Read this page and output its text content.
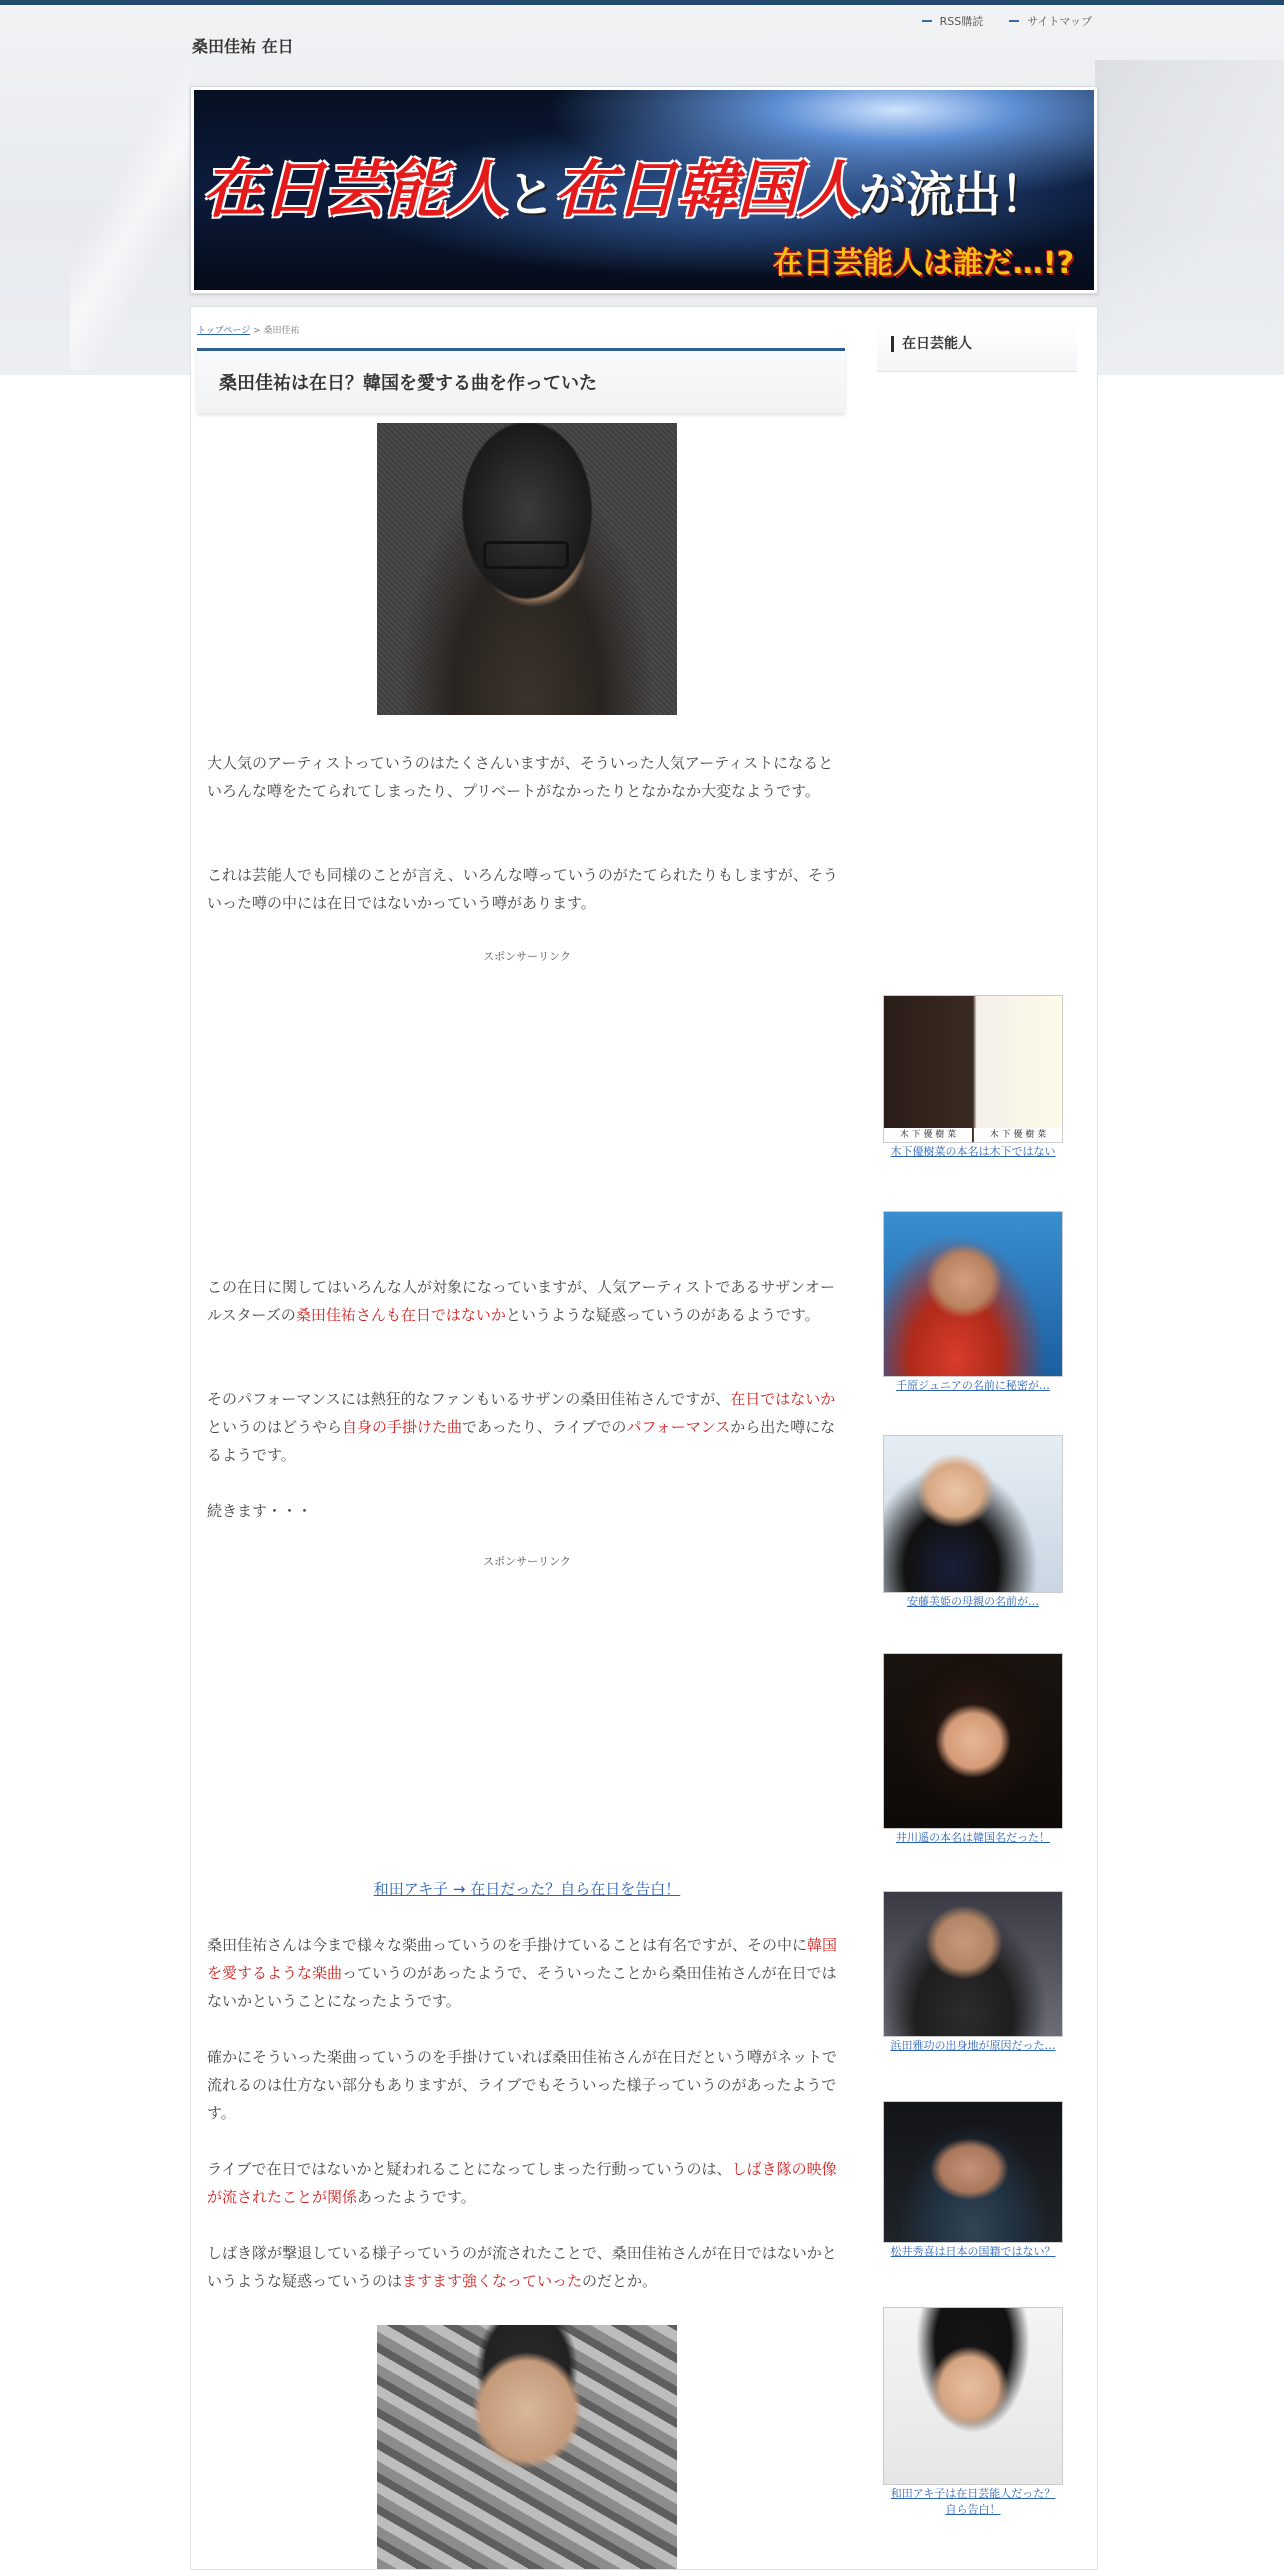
桑田佳祐 在日
RSS購読	サイトマップ
在日芸能人と在日韓国人が流出！
在日芸能人は誰だ…!?
トップページ > 桑田佳祐
桑田佳祐は在日？韓国を愛する曲を作っていた

大人気のアーティストっていうのはたくさんいますが、そういった人気アーティストになるといろんな噂をたてられてしまったり、プリベートがなかったりとなかなか大変なようです。

これは芸能人でも同様のことが言え、いろんな噂っていうのがたてられたりもしますが、そういった噂の中には在日ではないかっていう噂があります。

スポンサーリンク

この在日に関してはいろんな人が対象になっていますが、人気アーティストであるサザンオールスターズの桑田佳祐さんも在日ではないかというような疑惑っていうのがあるようです。

そのパフォーマンスには熱狂的なファンもいるサザンの桑田佳祐さんですが、在日ではないかというのはどうやら自身の手掛けた曲であったり、ライブでのパフォーマンスから出た噂になるようです。

続きます・・・

スポンサーリンク
和田アキ子 → 在日だった？自ら在日を告白！

桑田佳祐さんは今まで様々な楽曲っていうのを手掛けていることは有名ですが、その中に韓国を愛するような楽曲っていうのがあったようで、そういったことから桑田佳祐さんが在日ではないかということになったようです。

確かにそういった楽曲っていうのを手掛けていれば桑田佳祐さんが在日だという噂がネットで流れるのは仕方ない部分もありますが、ライブでもそういった様子っていうのがあったようです。

ライブで在日ではないかと疑われることになってしまった行動っていうのは、しばき隊の映像が流されたことが関係あったようです。

しばき隊が撃退している様子っていうのが流されたことで、桑田佳祐さんが在日ではないかというような疑惑っていうのはますます強くなっていったのだとか。

在日芸能人
木 下 優 樹 菜	木 下 優 樹 菜
木下優樹菜の本名は木下ではない
千原ジュニアの名前に秘密が…
安藤美姫の母親の名前が…
井川遥の本名は韓国名だった！
浜田雅功の出身地が原因だった…
松井秀喜は日本の国籍ではない？
和田アキ子は在日芸能人だった？
自ら告白！
